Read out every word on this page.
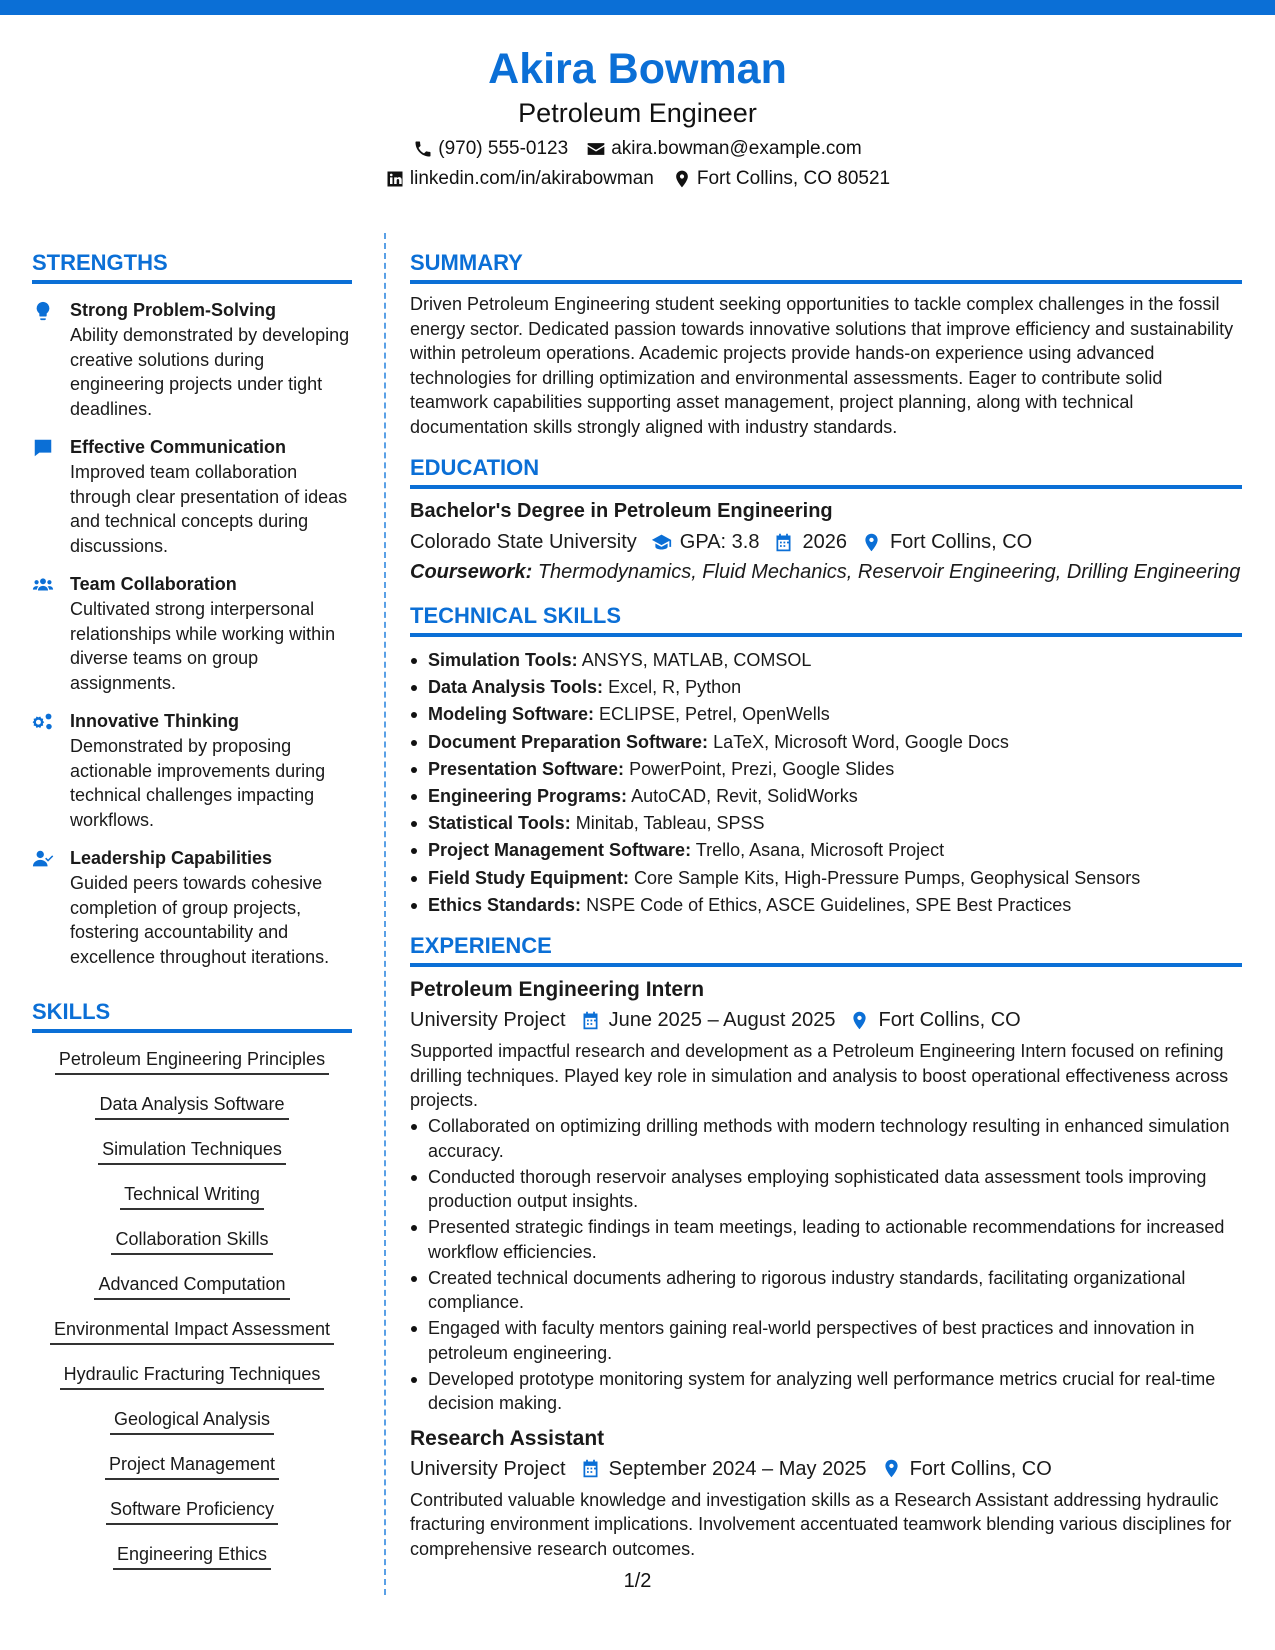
Akira Bowman
Petroleum Engineer
(970) 555-0123 akira.bowman@example.com
linkedin.com/in/akirabowman Fort Collins, CO 80521
STRENGTHS
Strong Problem-Solving
Ability demonstrated by developing creative solutions during engineering projects under tight deadlines.
Effective Communication
Improved team collaboration through clear presentation of ideas and technical concepts during discussions.
Team Collaboration
Cultivated strong interpersonal relationships while working within diverse teams on group assignments.
Innovative Thinking
Demonstrated by proposing actionable improvements during technical challenges impacting workflows.
Leadership Capabilities
Guided peers towards cohesive completion of group projects, fostering accountability and excellence throughout iterations.
SKILLS
Petroleum Engineering Principles
Data Analysis Software
Simulation Techniques
Technical Writing
Collaboration Skills
Advanced Computation
Environmental Impact Assessment
Hydraulic Fracturing Techniques
Geological Analysis
Project Management
Software Proficiency
Engineering Ethics
SUMMARY
Driven Petroleum Engineering student seeking opportunities to tackle complex challenges in the fossil energy sector. Dedicated passion towards innovative solutions that improve efficiency and sustainability within petroleum operations. Academic projects provide hands-on experience using advanced technologies for drilling optimization and environmental assessments. Eager to contribute solid teamwork capabilities supporting asset management, project planning, along with technical documentation skills strongly aligned with industry standards.
EDUCATION
Bachelor's Degree in Petroleum Engineering
Colorado State University GPA: 3.8 2026 Fort Collins, CO
Coursework: Thermodynamics, Fluid Mechanics, Reservoir Engineering, Drilling Engineering
TECHNICAL SKILLS
Simulation Tools: ANSYS, MATLAB, COMSOL
Data Analysis Tools: Excel, R, Python
Modeling Software: ECLIPSE, Petrel, OpenWells
Document Preparation Software: LaTeX, Microsoft Word, Google Docs
Presentation Software: PowerPoint, Prezi, Google Slides
Engineering Programs: AutoCAD, Revit, SolidWorks
Statistical Tools: Minitab, Tableau, SPSS
Project Management Software: Trello, Asana, Microsoft Project
Field Study Equipment: Core Sample Kits, High-Pressure Pumps, Geophysical Sensors
Ethics Standards: NSPE Code of Ethics, ASCE Guidelines, SPE Best Practices
EXPERIENCE
Petroleum Engineering Intern
University Project June 2025 – August 2025 Fort Collins, CO
Supported impactful research and development as a Petroleum Engineering Intern focused on refining drilling techniques. Played key role in simulation and analysis to boost operational effectiveness across projects.
Collaborated on optimizing drilling methods with modern technology resulting in enhanced simulation accuracy.
Conducted thorough reservoir analyses employing sophisticated data assessment tools improving production output insights.
Presented strategic findings in team meetings, leading to actionable recommendations for increased workflow efficiencies.
Created technical documents adhering to rigorous industry standards, facilitating organizational compliance.
Engaged with faculty mentors gaining real-world perspectives of best practices and innovation in petroleum engineering.
Developed prototype monitoring system for analyzing well performance metrics crucial for real-time decision making.
Research Assistant
University Project September 2024 – May 2025 Fort Collins, CO
Contributed valuable knowledge and investigation skills as a Research Assistant addressing hydraulic fracturing environment implications. Involvement accentuated teamwork blending various disciplines for comprehensive research outcomes.
1/2
